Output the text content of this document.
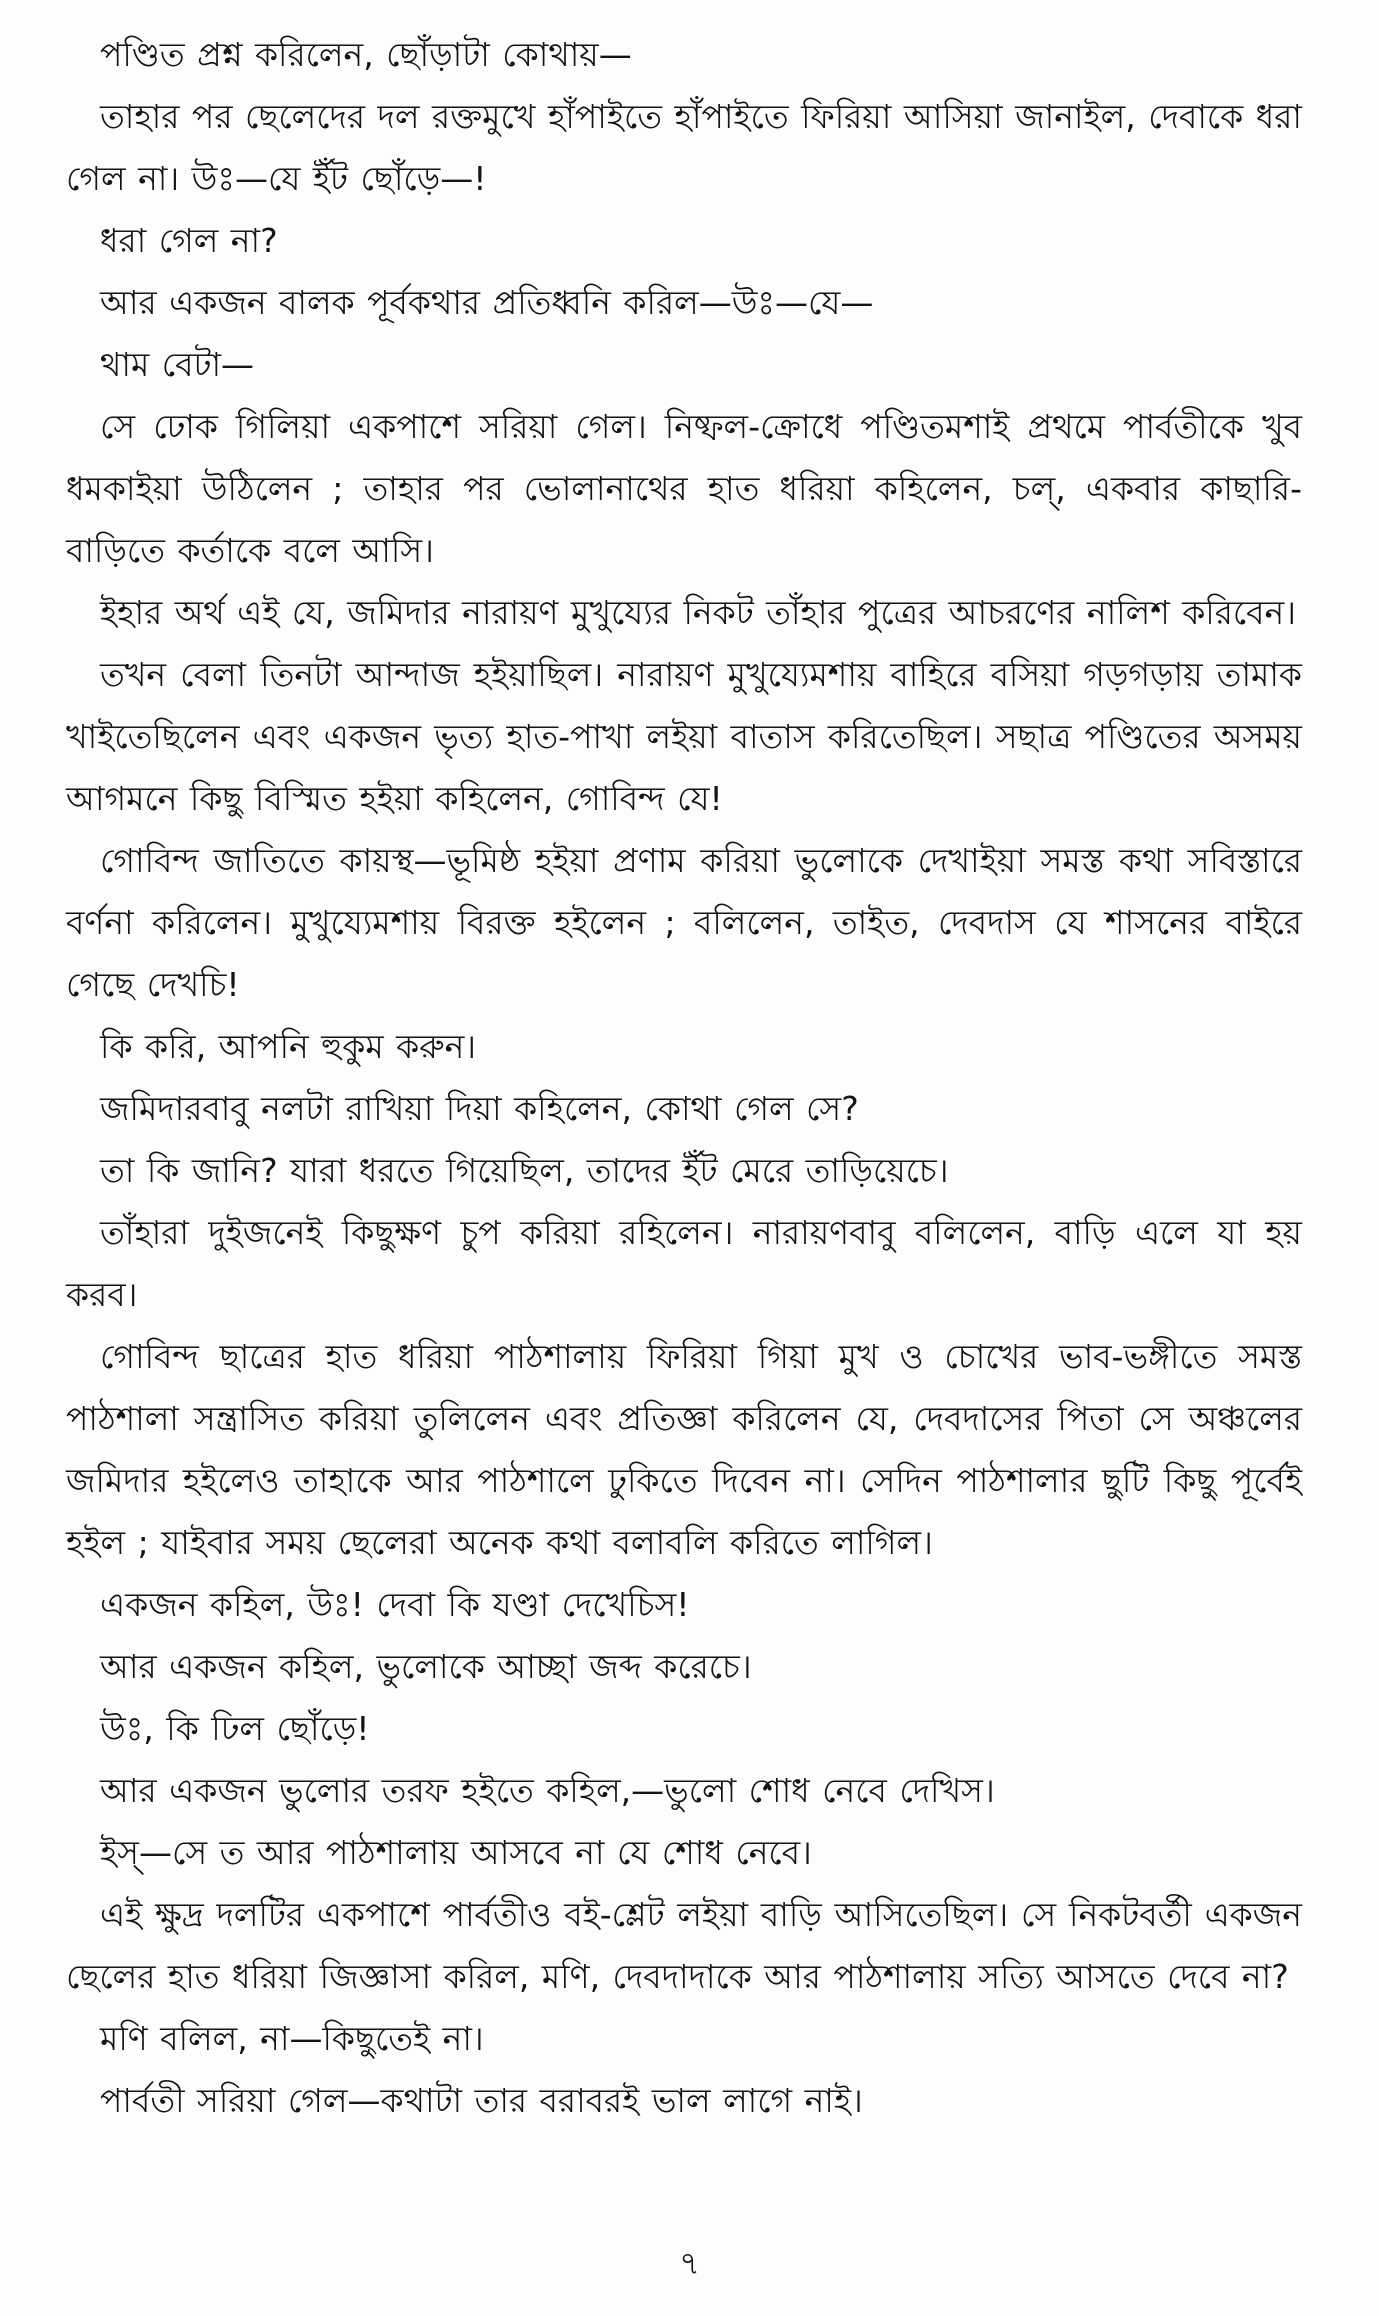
পণ্ডিত প্রশ্ন করিলেন, ছোঁড়াটা কোথায়—

তাহার পর ছেলেদের দল রক্তমুখে হাঁপাইতে হাঁপাইতে ফিরিয়া আসিয়া জানাইল, দেবাকে ধরা গেল না। উঃ—যে ইঁট ছোঁড়ে—!

ধরা গেল না?

আর একজন বালক পূর্বকথার প্রতিধ্বনি করিল—উঃ—যে—

থাম বেটা—

সে ঢোক গিলিয়া একপাশে সরিয়া গেল। নিষ্ফল-ক্রোধে পণ্ডিতমশাই প্রথমে পার্বতীকে খুব ধমকাইয়া উঠিলেন ; তাহার পর ভোলানাথের হাত ধরিয়া কহিলেন, চল্, একবার কাছারি-বাড়িতে কর্তাকে বলে আসি।

ইহার অর্থ এই যে, জমিদার নারায়ণ মুখুয্যের নিকট তাঁহার পুত্রের আচরণের নালিশ করিবেন।

তখন বেলা তিনটা আন্দাজ হইয়াছিল। নারায়ণ মুখুয্যেমশায় বাহিরে বসিয়া গড়গড়ায় তামাক খাইতেছিলেন এবং একজন ভৃত্য হাত-পাখা লইয়া বাতাস করিতেছিল। সছাত্র পণ্ডিতের অসময় আগমনে কিছু বিস্মিত হইয়া কহিলেন, গোবিন্দ যে!

গোবিন্দ জাতিতে কায়স্থ—ভূমিষ্ঠ হইয়া প্রণাম করিয়া ভুলোকে দেখাইয়া সমস্ত কথা সবিস্তারে বর্ণনা করিলেন। মুখুয্যেমশায় বিরক্ত হইলেন ; বলিলেন, তাইত, দেবদাস যে শাসনের বাইরে গেছে দেখচি!

কি করি, আপনি হুকুম করুন।

জমিদারবাবু নলটা রাখিয়া দিয়া কহিলেন, কোথা গেল সে?

তা কি জানি? যারা ধরতে গিয়েছিল, তাদের ইঁট মেরে তাড়িয়েচে।

তাঁহারা দুইজনেই কিছুক্ষণ চুপ করিয়া রহিলেন। নারায়ণবাবু বলিলেন, বাড়ি এলে যা হয় করব।

গোবিন্দ ছাত্রের হাত ধরিয়া পাঠশালায় ফিরিয়া গিয়া মুখ ও চোখের ভাব-ভঙ্গীতে সমস্ত পাঠশালা সন্ত্রাসিত করিয়া তুলিলেন এবং প্রতিজ্ঞা করিলেন যে, দেবদাসের পিতা সে অঞ্চলের জমিদার হইলেও তাহাকে আর পাঠশালে ঢুকিতে দিবেন না। সেদিন পাঠশালার ছুটি কিছু পূর্বেই হইল ; যাইবার সময় ছেলেরা অনেক কথা বলাবলি করিতে লাগিল।

একজন কহিল, উঃ! দেবা কি যণ্ডা দেখেচিস!

আর একজন কহিল, ভুলোকে আচ্ছা জব্দ করেচে।

উঃ, কি ঢিল ছোঁড়ে!

আর একজন ভুলোর তরফ হইতে কহিল,—ভুলো শোধ নেবে দেখিস।

ইস্—সে ত আর পাঠশালায় আসবে না যে শোধ নেবে।

এই ক্ষুদ্র দলটির একপাশে পার্বতীও বই-শ্লেট লইয়া বাড়ি আসিতেছিল। সে নিকটবর্তী একজন ছেলের হাত ধরিয়া জিজ্ঞাসা করিল, মণি, দেবদাদাকে আর পাঠশালায় সত্যি আসতে দেবে না?

মণি বলিল, না—কিছুতেই না।

পার্বতী সরিয়া গেল—কথাটা তার বরাবরই ভাল লাগে নাই।

৭
